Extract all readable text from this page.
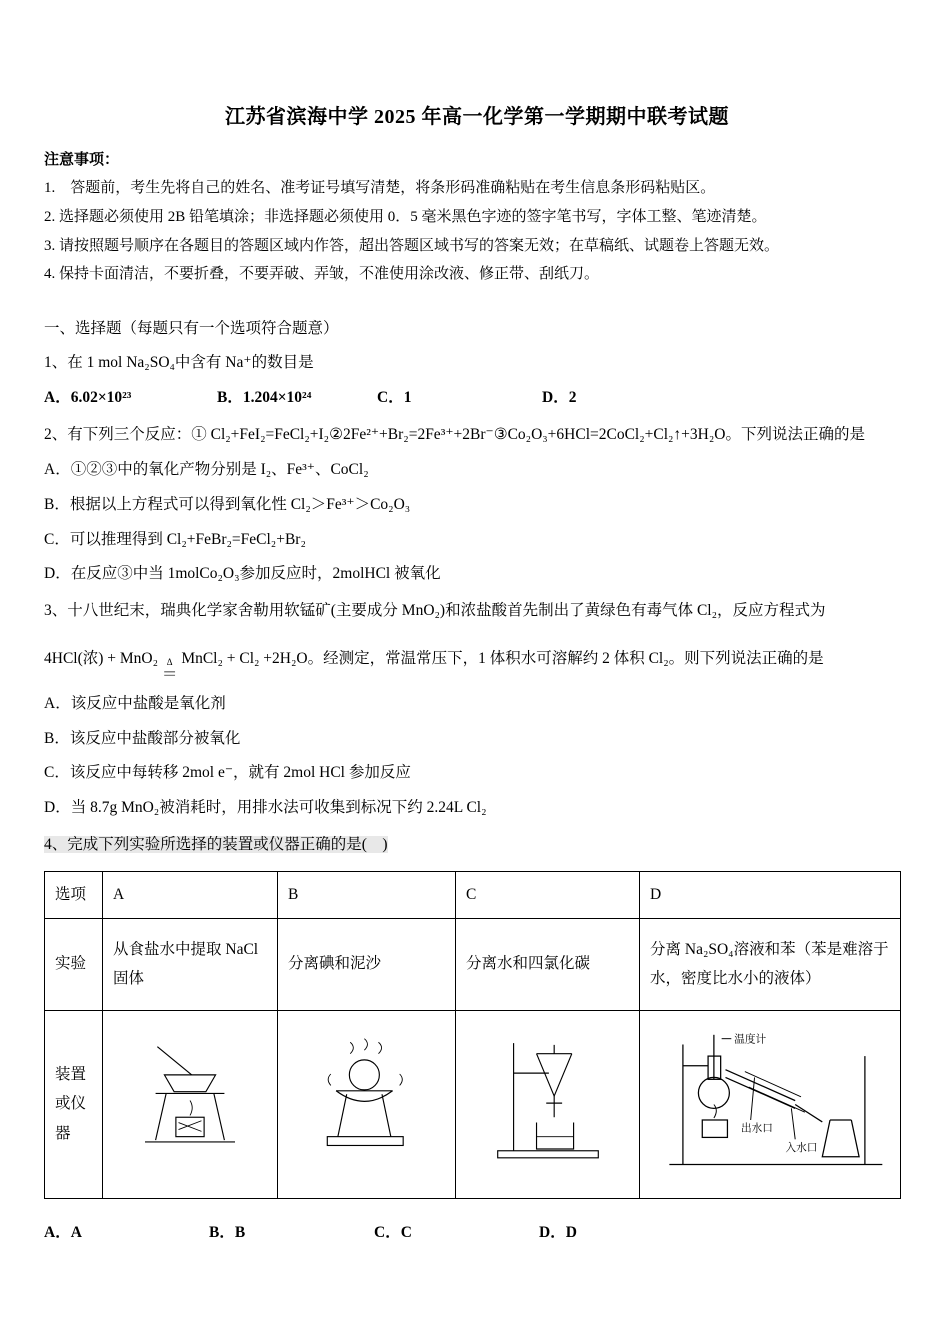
江苏省滨海中学 2025 年高一化学第一学期期中联考试题
注意事项：
1.    答题前，考生先将自己的姓名、准考证号填写清楚，将条形码准确粘贴在考生信息条形码粘贴区。
2. 选择题必须使用 2B 铅笔填涂；非选择题必须使用 0．5 毫米黑色字迹的签字笔书写，字体工整、笔迹清楚。
3. 请按照题号顺序在各题目的答题区域内作答，超出答题区域书写的答案无效；在草稿纸、试题卷上答题无效。
4. 保持卡面清洁，不要折叠，不要弄破、弄皱，不准使用涂改液、修正带、刮纸刀。
一、选择题（每题只有一个选项符合题意）
1、在 1 mol Na₂SO₄中含有 Na⁺的数目是
A．6.02×10²³	B．1.204×10²⁴	C．1	D．2
2、有下列三个反应：① Cl₂+FeI₂=FeCl₂+I₂②2Fe²⁺+Br₂=2Fe³⁺+2Br⁻③Co₂O₃+6HCl=2CoCl₂+Cl₂↑+3H₂O。下列说法正确的是
A．①②③中的氧化产物分别是 I₂、Fe³⁺、CoCl₂
B．根据以上方程式可以得到氧化性 Cl₂＞Fe³⁺＞Co₂O₃
C．可以推理得到 Cl₂+FeBr₂=FeCl₂+Br₂
D．在反应③中当 1molCo₂O₃参加反应时，2molHCl 被氧化
3、十八世纪末，瑞典化学家舍勒用软锰矿(主要成分 MnO₂)和浓盐酸首先制出了黄绿色有毒气体 Cl₂，反应方程式为
4HCl(浓) + MnO₂ Δ
＝
MnCl₂ + Cl₂ +2H₂O。经测定，常温常压下，1 体积水可溶解约 2 体积 Cl₂。则下列说法正确的是
A．该反应中盐酸是氧化剂
B．该反应中盐酸部分被氧化
C．该反应中每转移 2mol e⁻，就有 2mol HCl 参加反应
D．当 8.7g MnO₂被消耗时，用排水法可收集到标况下约 2.24L Cl₂
4、完成下列实验所选择的装置或仪器正确的是(　)
选项	A	B	C	D
实验	从食盐水中提取 NaCl 固体	分离碘和泥沙	分离水和四氯化碳	分离 Na₂SO₄溶液和苯（苯是难溶于水，密度比水小的液体）
装置或仪器				温度计
出水口
入水口
A．A	B．B	C．C	D．D
